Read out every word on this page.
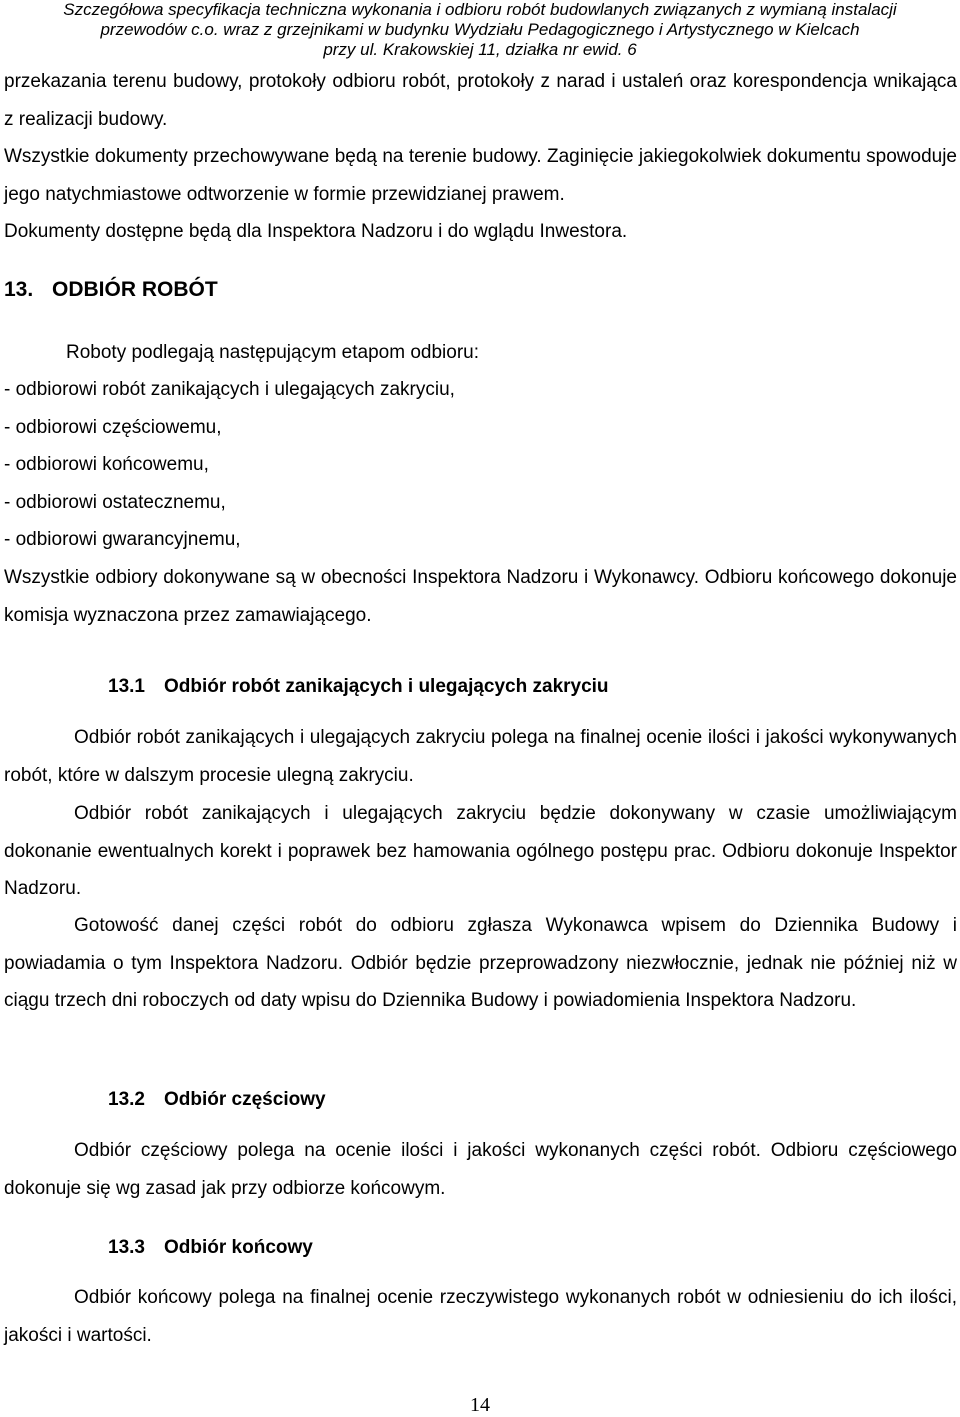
Szczegółowa specyfikacja techniczna wykonania i odbioru robót budowlanych związanych z wymianą instalacji
przewodów c.o. wraz z grzejnikami w budynku Wydziału Pedagogicznego i Artystycznego w Kielcach
przy ul. Krakowskiej 11, działka nr ewid. 6
przekazania terenu budowy, protokoły odbioru robót, protokoły z narad i ustaleń oraz korespondencja wnikająca z realizacji budowy.
Wszystkie dokumenty przechowywane będą na terenie budowy. Zaginięcie jakiegokolwiek dokumentu spowoduje jego natychmiastowe odtworzenie w formie przewidzianej prawem.
Dokumenty dostępne będą dla Inspektora Nadzoru i do wglądu Inwestora.
13. ODBIÓR ROBÓT
Roboty podlegają następującym etapom odbioru:
- odbiorowi robót zanikających i ulegających zakryciu,
- odbiorowi częściowemu,
- odbiorowi końcowemu,
- odbiorowi ostatecznemu,
- odbiorowi gwarancyjnemu,
Wszystkie odbiory dokonywane są w obecności Inspektora Nadzoru i Wykonawcy. Odbioru końcowego dokonuje komisja wyznaczona przez zamawiającego.
13.1 Odbiór robót zanikających i ulegających zakryciu
Odbiór robót zanikających i ulegających zakryciu polega na finalnej ocenie ilości i jakości wykonywanych robót, które w dalszym procesie ulegną zakryciu.
Odbiór robót zanikających i ulegających zakryciu będzie dokonywany w czasie umożliwiającym dokonanie ewentualnych korekt i poprawek bez hamowania ogólnego postępu prac. Odbioru dokonuje Inspektor Nadzoru.
Gotowość danej części robót do odbioru zgłasza Wykonawca wpisem do Dziennika Budowy i powiadamia o tym Inspektora Nadzoru. Odbiór będzie przeprowadzony niezwłocznie, jednak nie później niż w ciągu trzech dni roboczych od daty wpisu do Dziennika Budowy i powiadomienia Inspektora Nadzoru.
13.2 Odbiór częściowy
Odbiór częściowy polega na ocenie ilości i jakości wykonanych części robót. Odbioru częściowego dokonuje się wg zasad jak przy odbiorze końcowym.
13.3 Odbiór końcowy
Odbiór końcowy polega na finalnej ocenie rzeczywistego wykonanych robót w odniesieniu do ich ilości, jakości i wartości.
14
